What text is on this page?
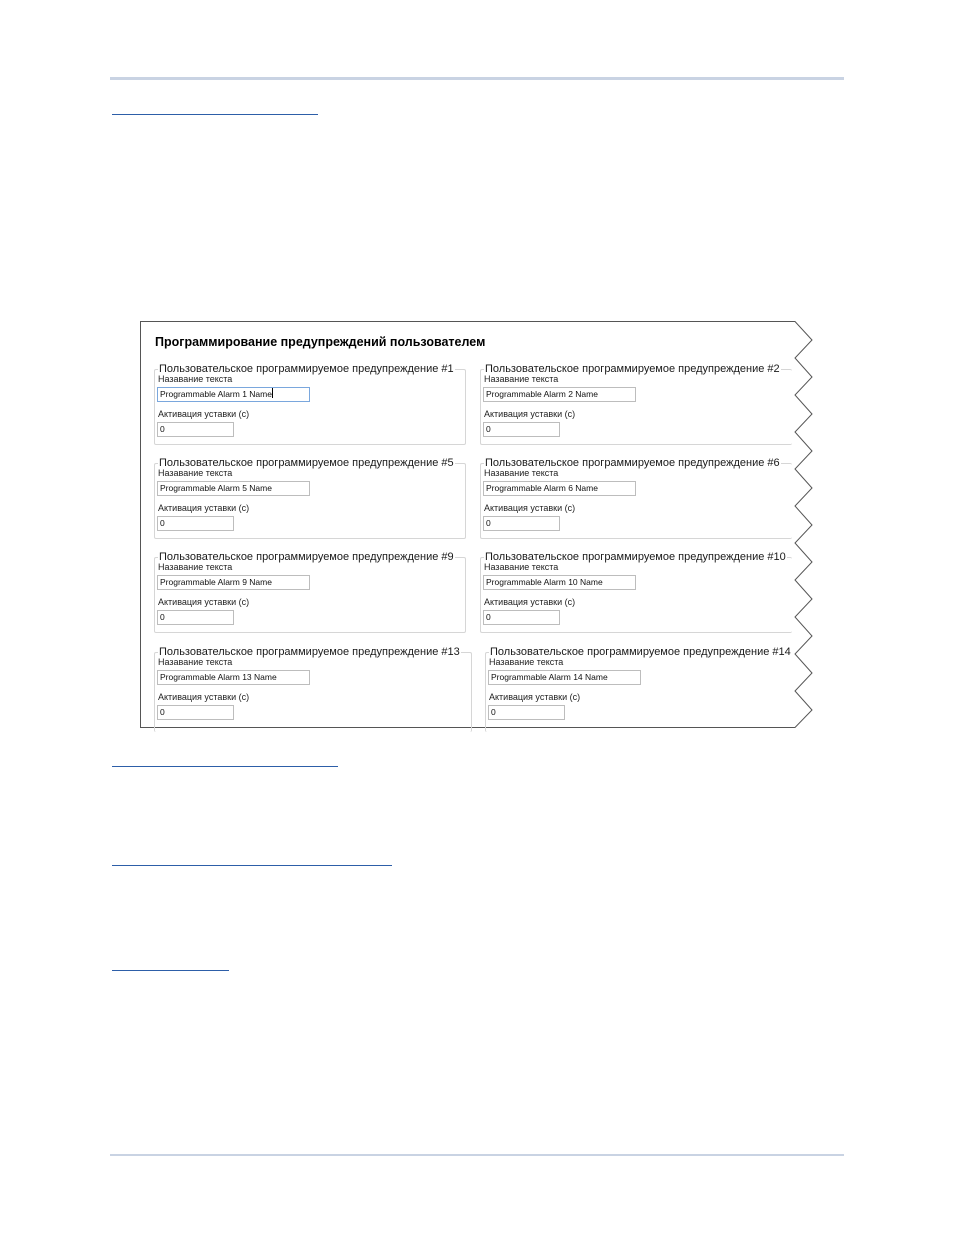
Программирование предупреждений пользователем
Пользовательское программируемое предупреждение #1
Назавание текста
Programmable Alarm 1 Name
Активация уставки (с)
0
Пользовательское программируемое предупреждение #2
Назавание текста
Programmable Alarm 2 Name
Активация уставки (с)
0
Пользовательское программируемое предупреждение #5
Назавание текста
Programmable Alarm 5 Name
Активация уставки (с)
0
Пользовательское программируемое предупреждение #6
Назавание текста
Programmable Alarm 6 Name
Активация уставки (с)
0
Пользовательское программируемое предупреждение #9
Назавание текста
Programmable Alarm 9 Name
Активация уставки (с)
0
Пользовательское программируемое предупреждение #10
Назавание текста
Programmable Alarm 10 Name
Активация уставки (с)
0
Пользовательское программируемое предупреждение #13
Назавание текста
Programmable Alarm 13 Name
Активация уставки (с)
0
Пользовательское программируемое предупреждение #14
Назавание текста
Programmable Alarm 14 Name
Активация уставки (с)
0
